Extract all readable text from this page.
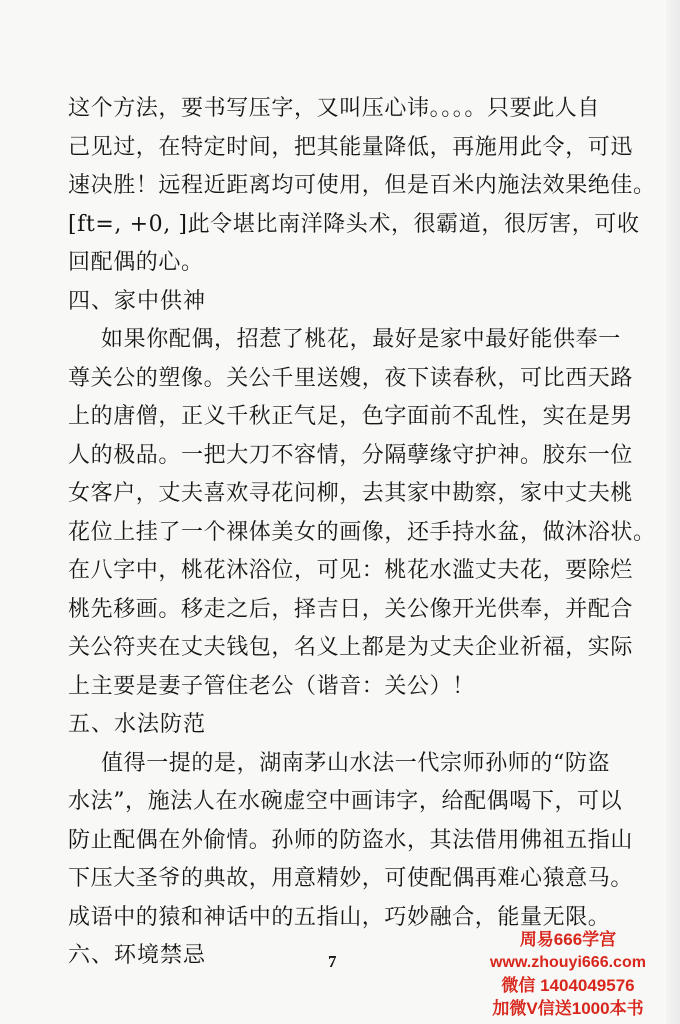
这个方法，要书写压字，又叫压心讳。。。。只要此人自
己见过，在特定时间，把其能量降低，再施用此令，可迅
速决胜！远程近距离均可使用，但是百米内施法效果绝佳。
[ft=, +0, ]此令堪比南洋降头术，很霸道，很厉害，可收
回配偶的心。
四、家中供神
如果你配偶，招惹了桃花，最好是家中最好能供奉一
尊关公的塑像。关公千里送嫂，夜下读春秋，可比西天路
上的唐僧，正义千秋正气足，色字面前不乱性，实在是男
人的极品。一把大刀不容情，分隔孽缘守护神。胶东一位
女客户，丈夫喜欢寻花问柳，去其家中勘察，家中丈夫桃
花位上挂了一个裸体美女的画像，还手持水盆，做沐浴状。
在八字中，桃花沐浴位，可见：桃花水滥丈夫花，要除烂
桃先移画。移走之后，择吉日，关公像开光供奉，并配合
关公符夹在丈夫钱包，名义上都是为丈夫企业祈福，实际
上主要是妻子管住老公（谐音：关公）！
五、水法防范
值得一提的是，湖南茅山水法一代宗师孙师的“防盗
水法”，施法人在水碗虚空中画讳字，给配偶喝下，可以
防止配偶在外偷情。孙师的防盗水，其法借用佛祖五指山
下压大圣爷的典故，用意精妙，可使配偶再难心猿意马。
成语中的猿和神话中的五指山，巧妙融合，能量无限。
六、环境禁忌	7
周易666学宫
www.zhouyi666.com
微信 1404049576
加微V信送1000本书
